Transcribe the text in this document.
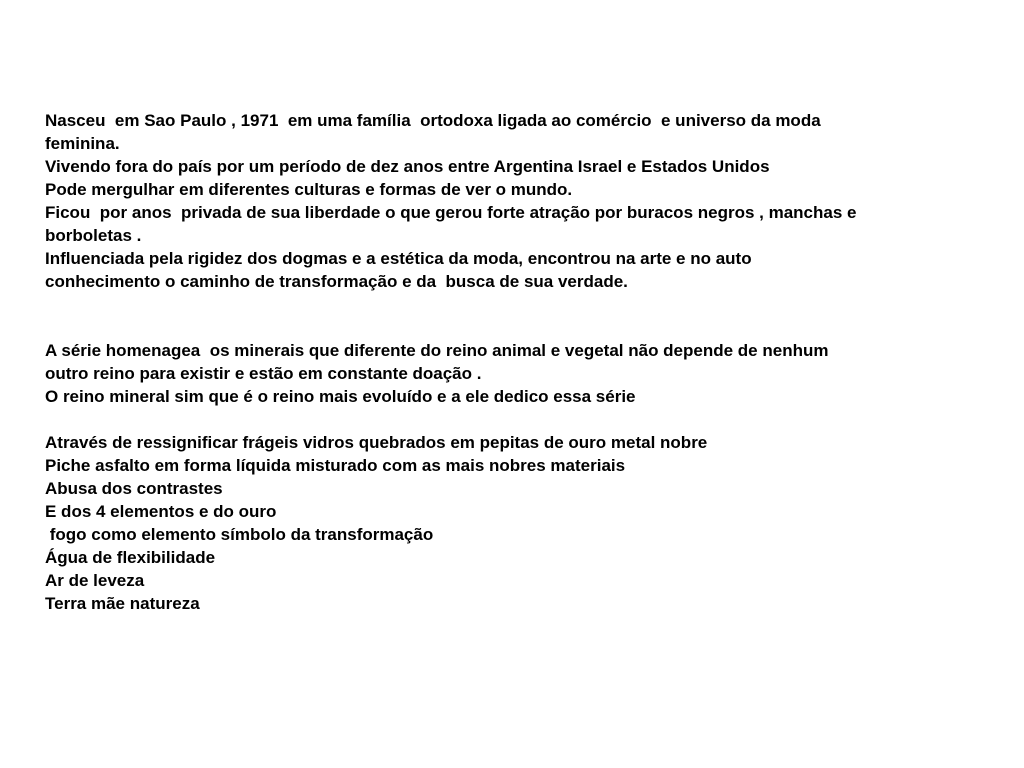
Nasceu  em Sao Paulo , 1971  em uma família  ortodoxa ligada ao comércio  e universo da moda
feminina.
Vivendo fora do país por um período de dez anos entre Argentina Israel e Estados Unidos
Pode mergulhar em diferentes culturas e formas de ver o mundo.
Ficou  por anos  privada de sua liberdade o que gerou forte atração por buracos negros , manchas e
borboletas .
Influenciada pela rigidez dos dogmas e a estética da moda, encontrou na arte e no auto
conhecimento o caminho de transformação e da  busca de sua verdade.
A série homenagea  os minerais que diferente do reino animal e vegetal não depende de nenhum
outro reino para existir e estão em constante doação .
O reino mineral sim que é o reino mais evoluído e a ele dedico essa série
Através de ressignificar frágeis vidros quebrados em pepitas de ouro metal nobre
Piche asfalto em forma líquida misturado com as mais nobres materiais
Abusa dos contrastes
E dos 4 elementos e do ouro
fogo como elemento símbolo da transformação
Água de flexibilidade
Ar de leveza
Terra mãe natureza
